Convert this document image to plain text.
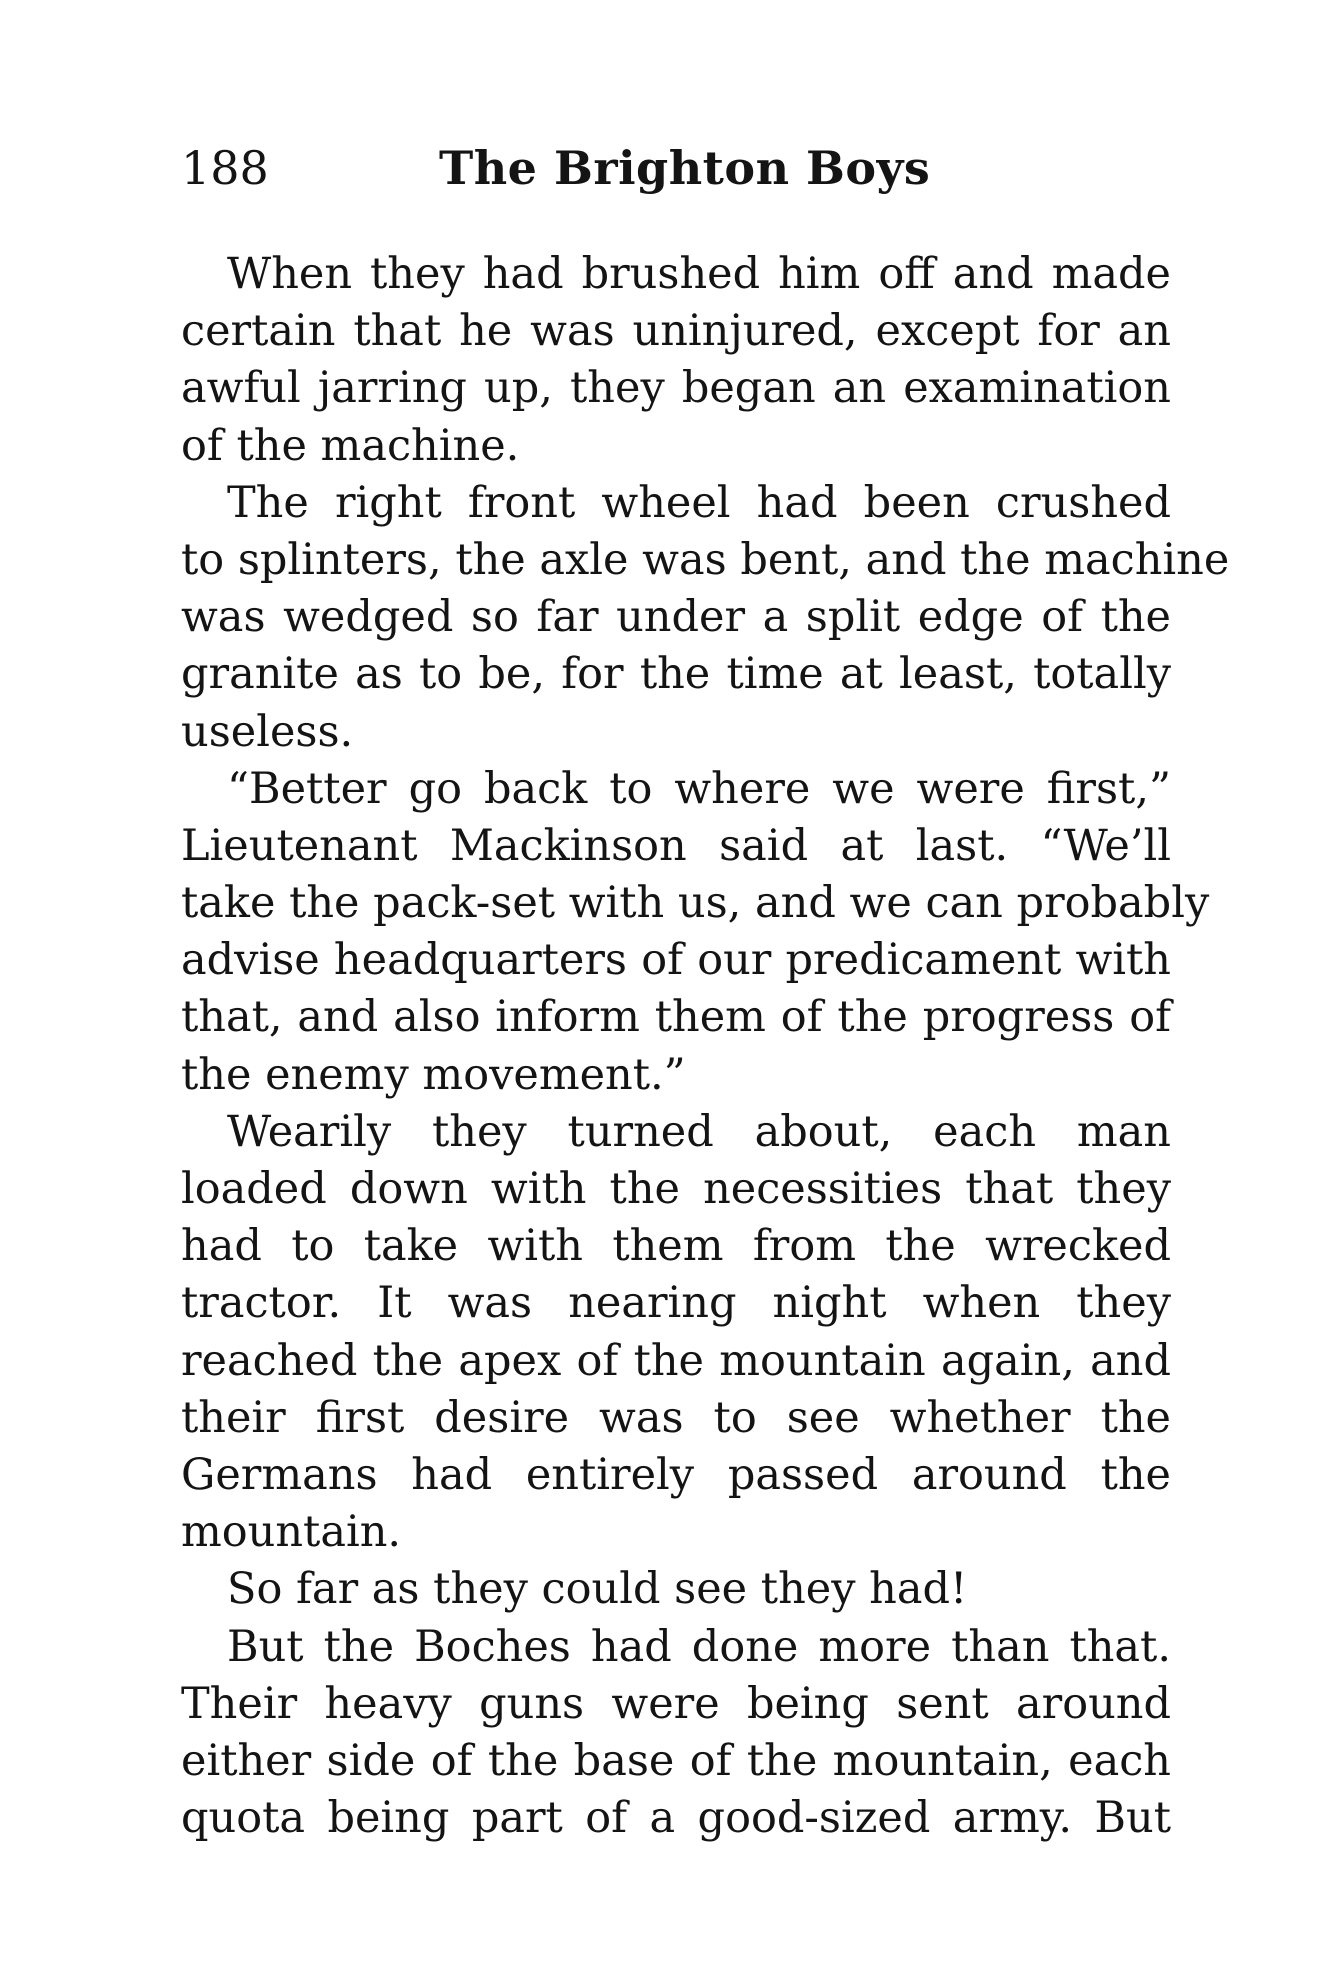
188	The Brighton Boys
When they had brushed him off and made
certain that he was uninjured, except for an
awful jarring up, they began an examination
of the machine.
The right front wheel had been crushed
to splinters, the axle was bent, and the machine
was wedged so far under a split edge of the
granite as to be, for the time at least, totally
useless.
“Better go back to where we were first,”
Lieutenant Mackinson said at last. “We’ll
take the pack-set with us, and we can probably
advise headquarters of our predicament with
that, and also inform them of the progress of
the enemy movement.”
Wearily they turned about, each man
loaded down with the necessities that they
had to take with them from the wrecked
tractor. It was nearing night when they
reached the apex of the mountain again, and
their first desire was to see whether the
Germans had entirely passed around the
mountain.
So far as they could see they had!
But the Boches had done more than that.
Their heavy guns were being sent around
either side of the base of the mountain, each
quota being part of a good-sized army. But
